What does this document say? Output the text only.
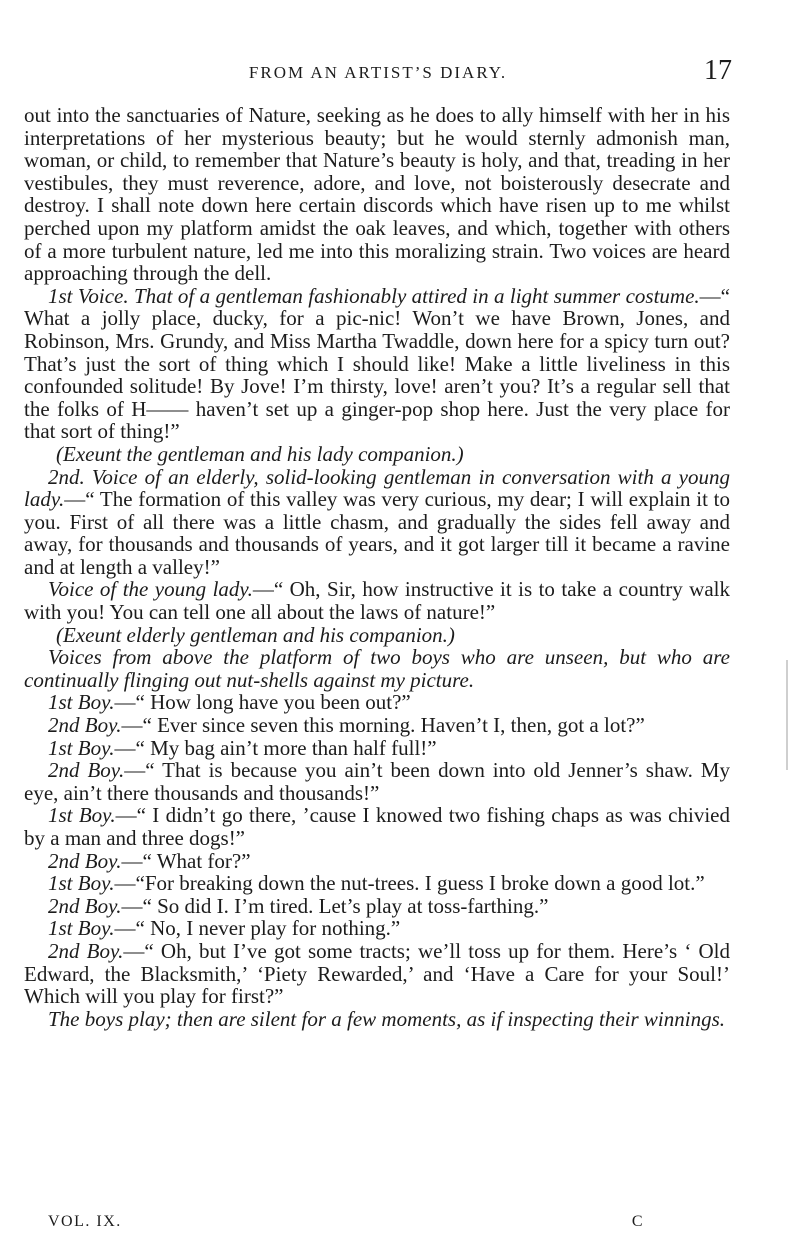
FROM AN ARTIST’S DIARY.	17

out into the sanctuaries of Nature, seeking as he does to ally himself with her in his interpretations of her mysterious beauty; but he would sternly admonish man, woman, or child, to remember that Nature’s beauty is holy, and that, treading in her vestibules, they must reverence, adore, and love, not boisterously desecrate and destroy. I shall note down here certain discords which have risen up to me whilst perched upon my platform amidst the oak leaves, and which, together with others of a more turbulent nature, led me into this moralizing strain. Two voices are heard approaching through the dell.

1st Voice. That of a gentleman fashionably attired in a light summer costume.—“ What a jolly place, ducky, for a pic-nic! Won’t we have Brown, Jones, and Robinson, Mrs. Grundy, and Miss Martha Twaddle, down here for a spicy turn out? That’s just the sort of thing which I should like! Make a little liveliness in this confounded solitude! By Jove! I’m thirsty, love! aren’t you? It’s a regular sell that the folks of H—— haven’t set up a ginger-pop shop here. Just the very place for that sort of thing!”

(Exeunt the gentleman and his lady companion.)

2nd. Voice of an elderly, solid-looking gentleman in conversation with a young lady.—“ The formation of this valley was very curious, my dear; I will explain it to you. First of all there was a little chasm, and gradually the sides fell away and away, for thousands and thousands of years, and it got larger till it became a ravine and at length a valley!”

Voice of the young lady.—“ Oh, Sir, how instructive it is to take a country walk with you! You can tell one all about the laws of nature!”

(Exeunt elderly gentleman and his companion.)

Voices from above the platform of two boys who are unseen, but who are continually flinging out nut-shells against my picture.

1st Boy.—“ How long have you been out?”

2nd Boy.—“ Ever since seven this morning. Haven’t I, then, got a lot?”

1st Boy.—“ My bag ain’t more than half full!”

2nd Boy.—“ That is because you ain’t been down into old Jenner’s shaw. My eye, ain’t there thousands and thousands!”

1st Boy.—“ I didn’t go there, ’cause I knowed two fishing chaps as was chivied by a man and three dogs!”

2nd Boy.—“ What for?”

1st Boy.—“For breaking down the nut-trees. I guess I broke down a good lot.”

2nd Boy.—“ So did I. I’m tired. Let’s play at toss-farthing.”

1st Boy.—“ No, I never play for nothing.”

2nd Boy.—“ Oh, but I’ve got some tracts; we’ll toss up for them. Here’s ‘ Old Edward, the Blacksmith,’ ‘Piety Rewarded,’ and ‘Have a Care for your Soul!’ Which will you play for first?”

The boys play; then are silent for a few moments, as if inspecting their winnings.

VOL. IX.	C
